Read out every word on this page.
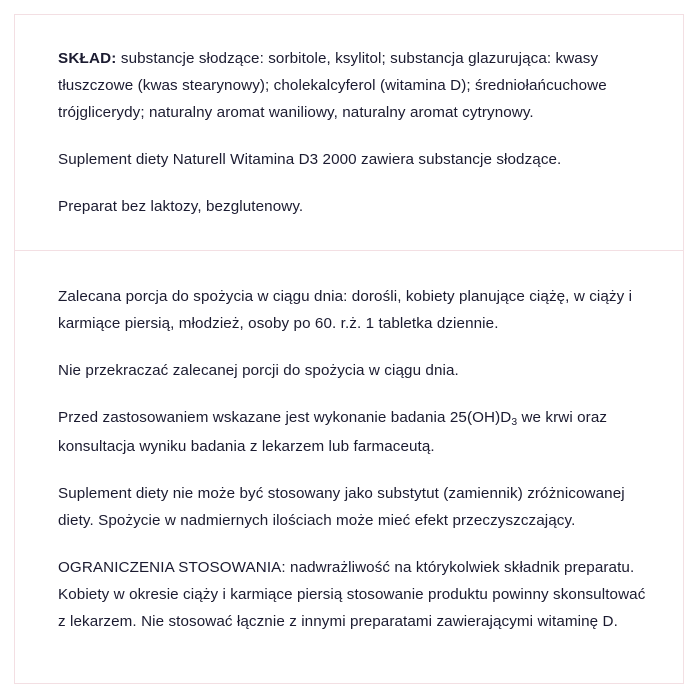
SKŁAD: substancje słodzące: sorbitole, ksylitol; substancja glazurująca: kwasy tłuszczowe (kwas stearynowy); cholekalcyferol (witamina D); średniołańcuchowe trójglicerydy; naturalny aromat waniliowy, naturalny aromat cytrynowy.

Suplement diety Naturell Witamina D3 2000 zawiera substancje słodzące.

Preparat bez laktozy, bezglutenowy.

Zalecana porcja do spożycia w ciągu dnia: dorośli, kobiety planujące ciążę, w ciąży i karmiące piersią, młodzież, osoby po 60. r.ż. 1 tabletka dziennie.

Nie przekraczać zalecanej porcji do spożycia w ciągu dnia.

Przed zastosowaniem wskazane jest wykonanie badania $25(OH)D_3$ we krwi oraz konsultacja wyniku badania z lekarzem lub farmaceutą.

Suplement diety nie może być stosowany jako substytut (zamiennik) zróżnicowanej diety. Spożycie w nadmiernych ilościach może mieć efekt przeczyszczający.

OGRANICZENIA STOSOWANIA: nadwrażliwość na którykolwiek składnik preparatu. Kobiety w okresie ciąży i karmiące piersią stosowanie produktu powinny skonsultować z lekarzem. Nie stosować łącznie z innymi preparatami zawierającymi witaminę D.
